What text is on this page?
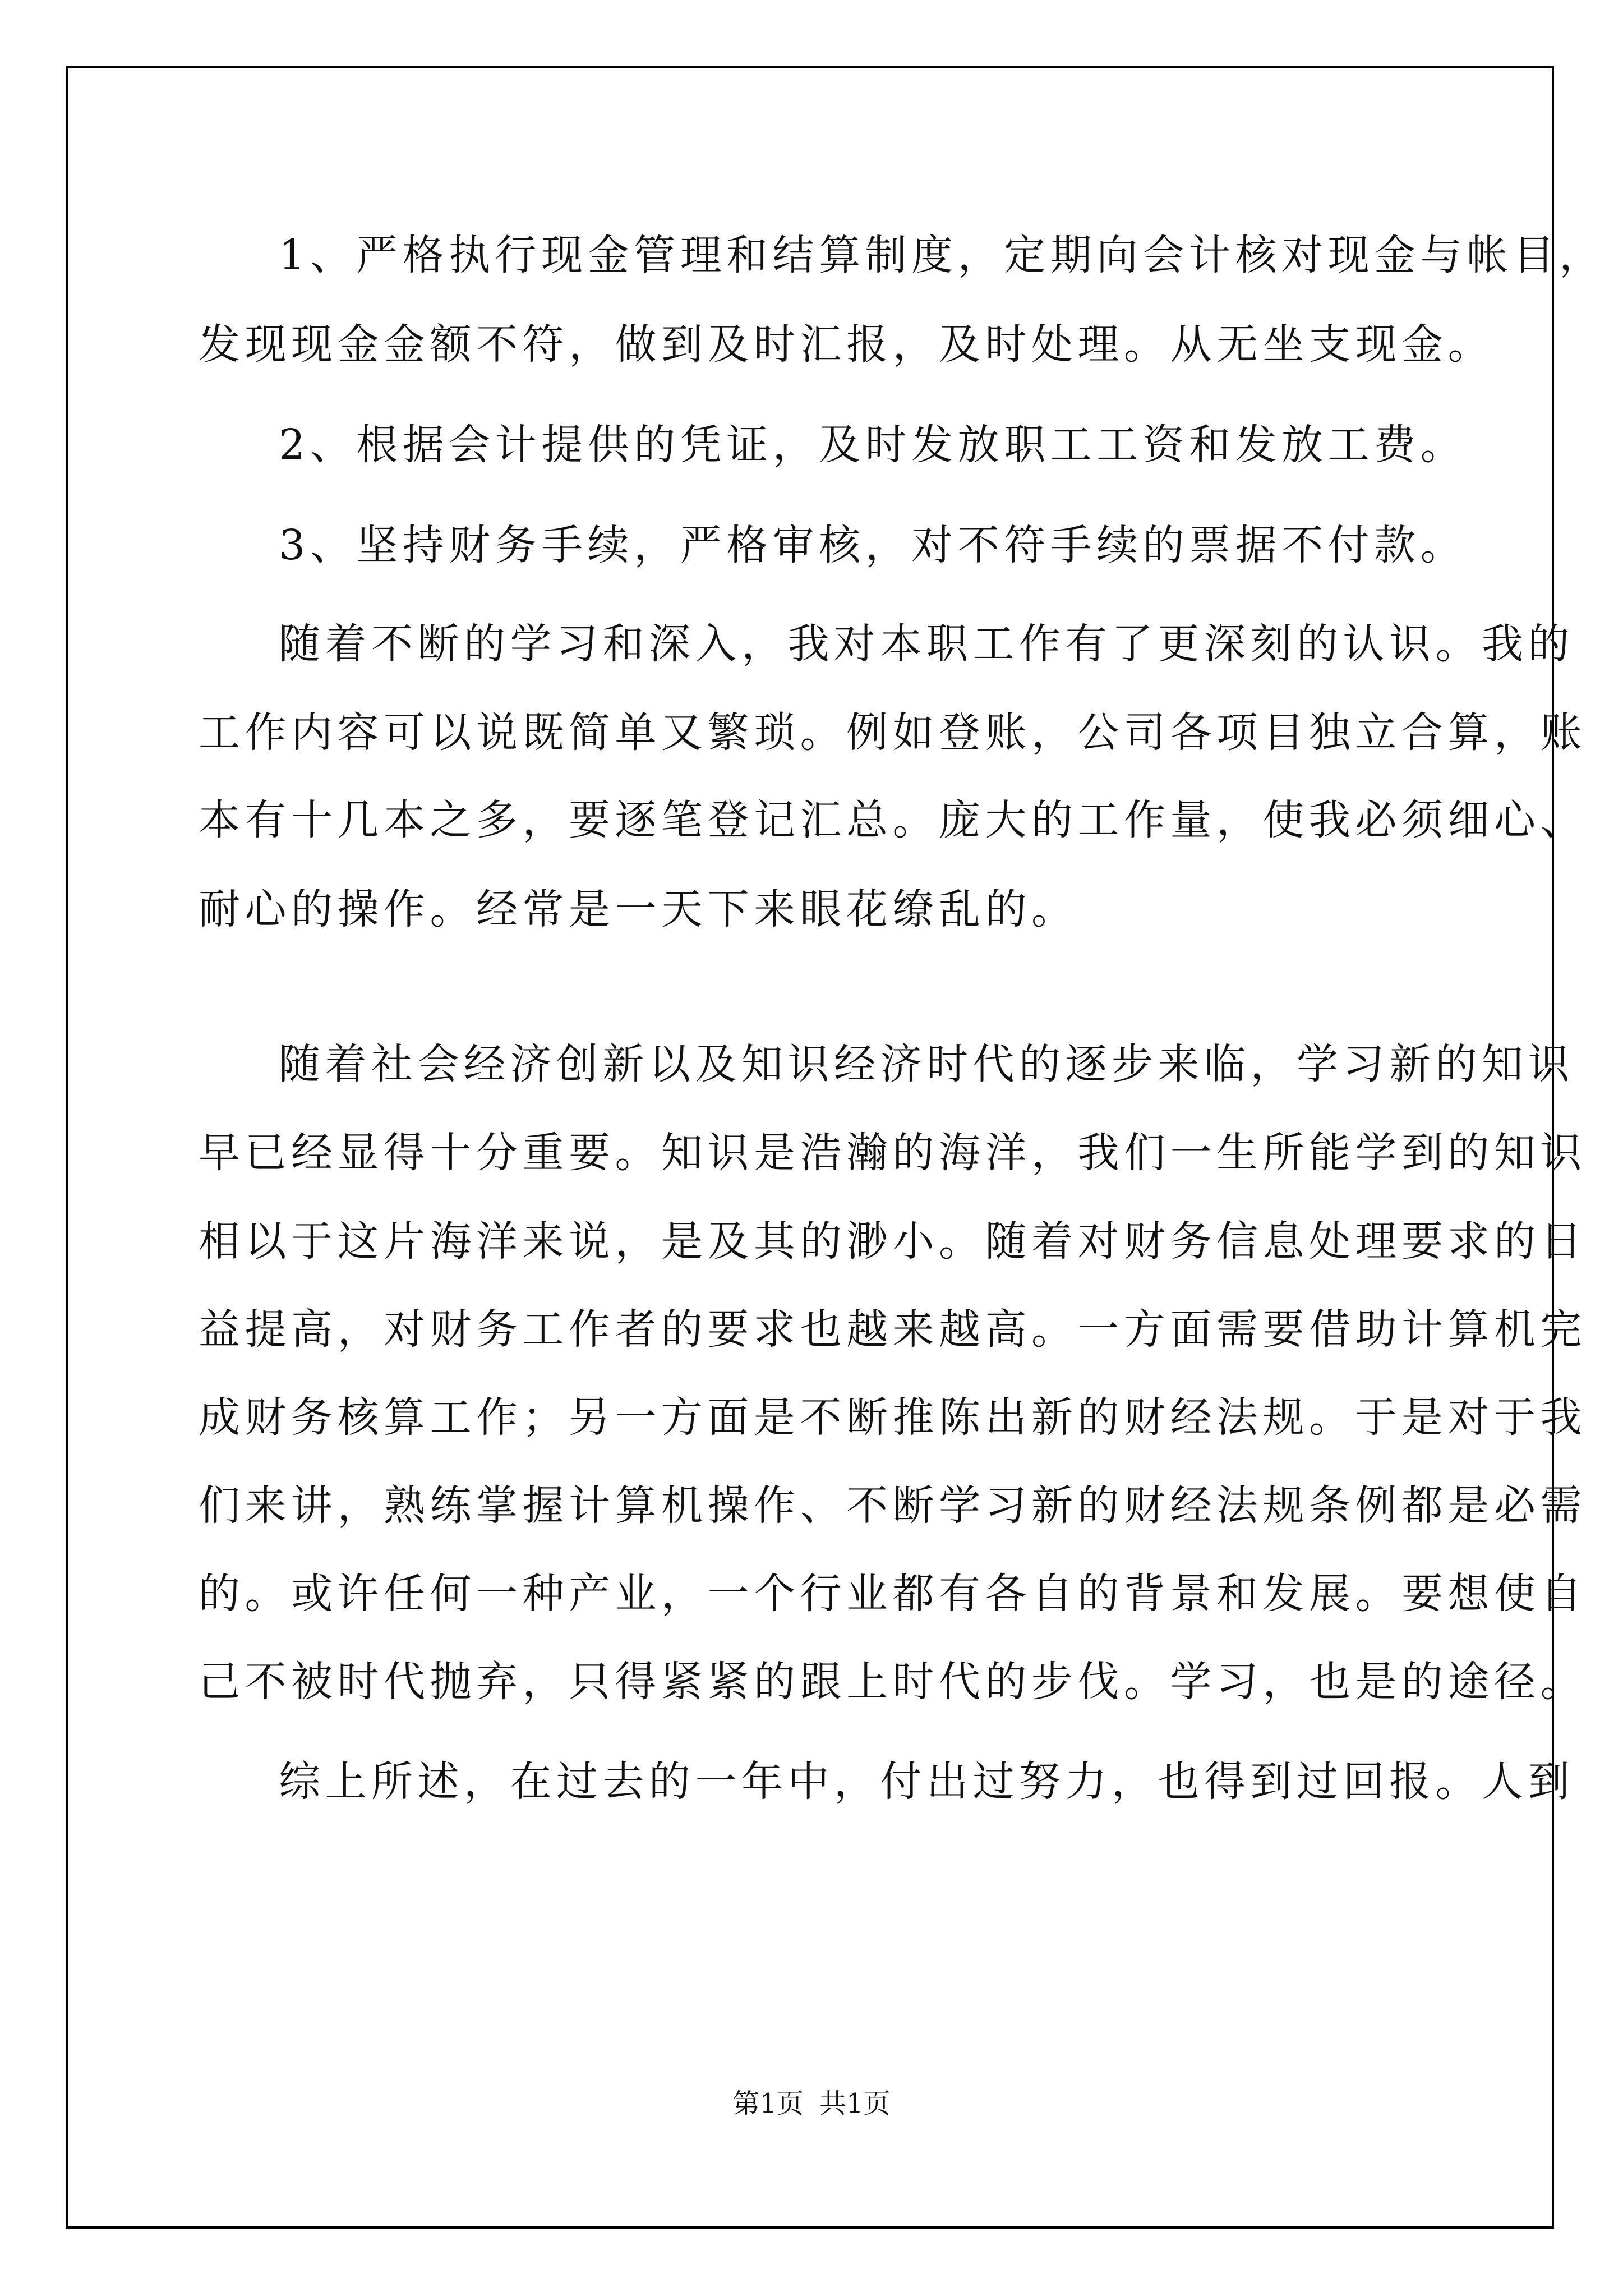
1、严格执行现金管理和结算制度，定期向会计核对现金与帐目，
发现现金金额不符，做到及时汇报，及时处理。从无坐支现金。
2、根据会计提供的凭证，及时发放职工工资和发放工费。
3、坚持财务手续，严格审核，对不符手续的票据不付款。
随着不断的学习和深入，我对本职工作有了更深刻的认识。我的
工作内容可以说既简单又繁琐。例如登账，公司各项目独立合算，账
本有十几本之多，要逐笔登记汇总。庞大的工作量，使我必须细心、
耐心的操作。经常是一天下来眼花缭乱的。
随着社会经济创新以及知识经济时代的逐步来临，学习新的知识
早已经显得十分重要。知识是浩瀚的海洋，我们一生所能学到的知识
相以于这片海洋来说，是及其的渺小。随着对财务信息处理要求的日
益提高，对财务工作者的要求也越来越高。一方面需要借助计算机完
成财务核算工作；另一方面是不断推陈出新的财经法规。于是对于我
们来讲，熟练掌握计算机操作、不断学习新的财经法规条例都是必需
的。或许任何一种产业，一个行业都有各自的背景和发展。要想使自
己不被时代抛弃，只得紧紧的跟上时代的步伐。学习，也是的途径。
综上所述，在过去的一年中，付出过努力，也得到过回报。人到
第1页 共1页
